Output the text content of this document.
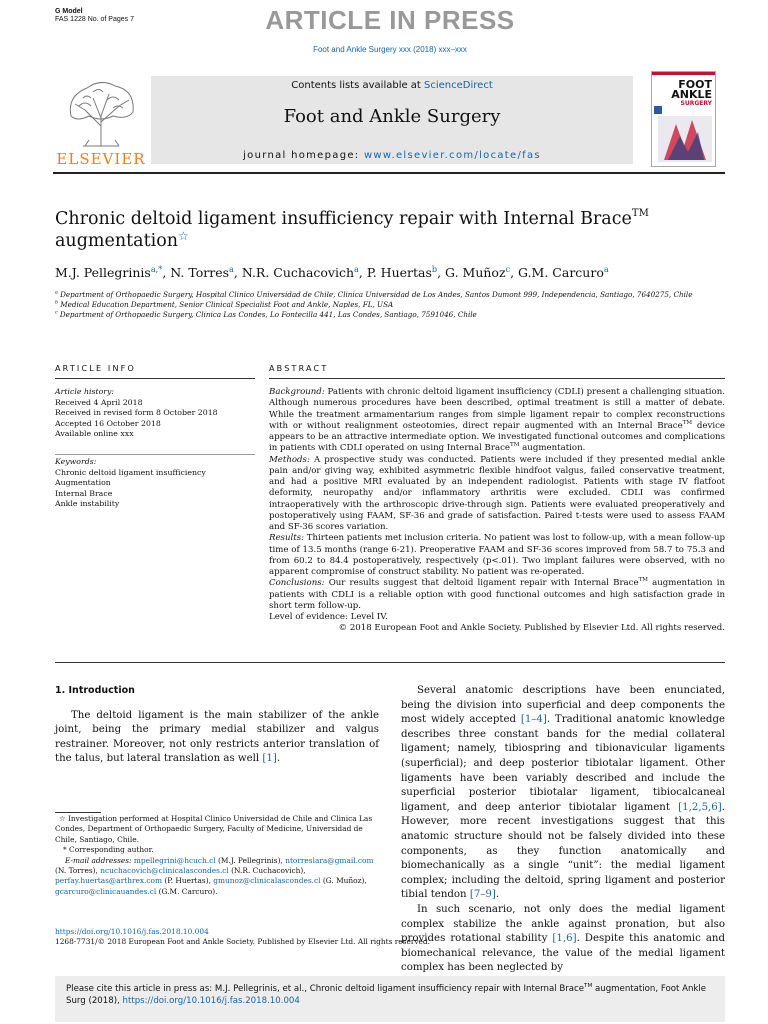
G Model
FAS 1228 No. of Pages 7	ARTICLE IN PRESS
Foot and Ankle Surgery xxx (2018) xxx–xxx
ELSEVIER
Contents lists available at ScienceDirect
Foot and Ankle Surgery
journal homepage: www.elsevier.com/locate/fas
FOOT
ANKLE
SURGERY
Chronic deltoid ligament insufficiency repair with Internal Brace™
augmentation☆
M.J. Pellegrinis$^{a,*}$, N. Torres$^a$, N.R. Cuchacovich$^a$, P. Huertas$^b$, G. Muñoz$^c$, G.M. Carcuro$^a$
$^a$ Department of Orthopaedic Surgery, Hospital Clinico Universidad de Chile, Clinica Universidad de Los Andes, Santos Dumont 999, Independencia, Santiago, 7640275, Chile
$^b$ Medical Education Department, Senior Clinical Specialist Foot and Ankle, Naples, FL, USA
$^c$ Department of Orthopaedic Surgery, Clinica Las Condes, Lo Fontecilla 441, Las Condes, Santiago, 7591046, Chile
ARTICLE INFO
Article history:
Received 4 April 2018
Received in revised form 8 October 2018
Accepted 16 October 2018
Available online xxx
Keywords:
Chronic deltoid ligament insufficiency
Augmentation
Internal Brace
Ankle instability
ABSTRACT
Background: Patients with chronic deltoid ligament insufficiency (CDLI) present a challenging situation. Although numerous procedures have been described, optimal treatment is still a matter of debate. While the treatment armamentarium ranges from simple ligament repair to complex reconstructions with or without realignment osteotomies, direct repair augmented with an Internal Brace™ device appears to be an attractive intermediate option. We investigated functional outcomes and complications in patients with CDLI operated on using Internal Brace™ augmentation.
Methods: A prospective study was conducted. Patients were included if they presented medial ankle pain and/or giving way, exhibited asymmetric flexible hindfoot valgus, failed conservative treatment, and had a positive MRI evaluated by an independent radiologist. Patients with stage IV flatfoot deformity, neuropathy and/or inflammatory arthritis were excluded. CDLI was confirmed intraoperatively with the arthroscopic drive-through sign. Patients were evaluated preoperatively and postoperatively using FAAM, SF-36 and grade of satisfaction. Paired t-tests were used to assess FAAM and SF-36 scores variation.
Results: Thirteen patients met inclusion criteria. No patient was lost to follow-up, with a mean follow-up time of 13.5 months (range 6-21). Preoperative FAAM and SF-36 scores improved from 58.7 to 75.3 and from 60.2 to 84.4 postoperatively, respectively (p<.01). Two implant failures were observed, with no apparent compromise of construct stability. No patient was re-operated.
Conclusions: Our results suggest that deltoid ligament repair with Internal Brace™ augmentation in patients with CDLI is a reliable option with good functional outcomes and high satisfaction grade in short term follow-up.
Level of evidence: Level IV.
© 2018 European Foot and Ankle Society. Published by Elsevier Ltd. All rights reserved.
1. Introduction

The deltoid ligament is the main stabilizer of the ankle joint, being the primary medial stabilizer and valgus restrainer. Moreover, not only restricts anterior translation of the talus, but lateral translation as well [1].

☆ Investigation performed at Hospital Clinico Universidad de Chile and Clinica Las Condes, Department of Orthopaedic Surgery, Faculty of Medicine, Universidad de Chile, Santiago, Chile.
* Corresponding author.
E-mail addresses: mpellegrini@hcuch.cl (M.J. Pellegrinis), ntorreslara@gmail.com (N. Torres), ncuchacovich@clinicalascondes.cl (N.R. Cuchacovich), perfay.huertas@arthrex.com (P. Huertas), gmunoz@clinicalascondes.cl (G. Muñoz), gcarcuro@clinicauandes.cl (G.M. Carcuro).

Several anatomic descriptions have been enunciated, being the division into superficial and deep components the most widely accepted [1–4]. Traditional anatomic knowledge describes three constant bands for the medial collateral ligament; namely, tibiospring and tibionavicular ligaments (superficial); and deep posterior tibiotalar ligament. Other ligaments have been variably described and include the superficial posterior tibiotalar ligament, tibiocalcaneal ligament, and deep anterior tibiotalar ligament [1,2,5,6]. However, more recent investigations suggest that this anatomic structure should not be falsely divided into these components, as they function anatomically and biomechanically as a single “unit”: the medial ligament complex; including the deltoid, spring ligament and posterior tibial tendon [7–9].

In such scenario, not only does the medial ligament complex stabilize the ankle against pronation, but also provides rotational stability [1,6]. Despite this anatomic and biomechanical relevance, the value of the medial ligament complex has been neglected by

https://doi.org/10.1016/j.fas.2018.10.004
1268-7731/© 2018 European Foot and Ankle Society. Published by Elsevier Ltd. All rights reserved.
Please cite this article in press as: M.J. Pellegrinis, et al., Chronic deltoid ligament insufficiency repair with Internal Brace™ augmentation, Foot Ankle Surg (2018), https://doi.org/10.1016/j.fas.2018.10.004
